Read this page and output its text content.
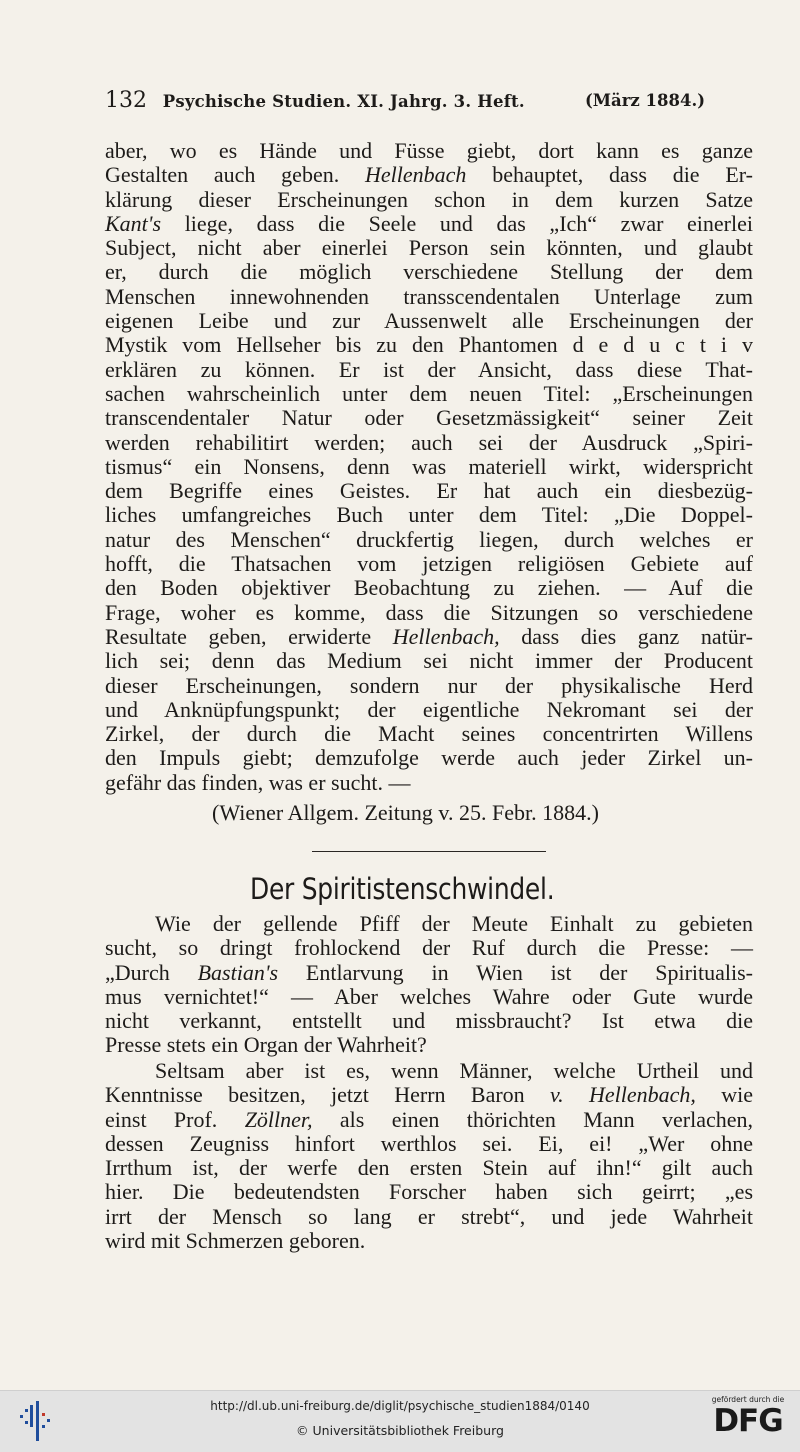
132 Psychische Studien. XI. Jahrg. 3. Heft.	(März 1884.)
aber, wo es Hände und Füsse giebt, dort kann es ganze
Gestalten auch geben. Hellenbach behauptet, dass die Er-
klärung dieser Erscheinungen schon in dem kurzen Satze
Kant's liege, dass die Seele und das „Ich“ zwar einerlei
Subject, nicht aber einerlei Person sein könnten, und glaubt
er, durch die möglich verschiedene Stellung der dem
Menschen innewohnenden transscendentalen Unterlage zum
eigenen Leibe und zur Aussenwelt alle Erscheinungen der
Mystik vom Hellseher bis zu den Phantomen d e d u c t i v
erklären zu können. Er ist der Ansicht, dass diese That-
sachen wahrscheinlich unter dem neuen Titel: „Erscheinungen
transcendentaler Natur oder Gesetzmässigkeit“ seiner Zeit
werden rehabilitirt werden; auch sei der Ausdruck „Spiri-
tismus“ ein Nonsens, denn was materiell wirkt, widerspricht
dem Begriffe eines Geistes. Er hat auch ein diesbezüg-
liches umfangreiches Buch unter dem Titel: „Die Doppel-
natur des Menschen“ druckfertig liegen, durch welches er
hofft, die Thatsachen vom jetzigen religiösen Gebiete auf
den Boden objektiver Beobachtung zu ziehen. — Auf die
Frage, woher es komme, dass die Sitzungen so verschiedene
Resultate geben, erwiderte Hellenbach, dass dies ganz natür-
lich sei; denn das Medium sei nicht immer der Producent
dieser Erscheinungen, sondern nur der physikalische Herd
und Anknüpfungspunkt; der eigentliche Nekromant sei der
Zirkel, der durch die Macht seines concentrirten Willens
den Impuls giebt; demzufolge werde auch jeder Zirkel un-
gefähr das finden, was er sucht. —
(Wiener Allgem. Zeitung v. 25. Febr. 1884.)
Der Spiritistenschwindel.
Wie der gellende Pfiff der Meute Einhalt zu gebieten
sucht, so dringt frohlockend der Ruf durch die Presse: —
„Durch Bastian's Entlarvung in Wien ist der Spiritualis-
mus vernichtet!“ — Aber welches Wahre oder Gute wurde
nicht verkannt, entstellt und missbraucht? Ist etwa die
Presse stets ein Organ der Wahrheit?
Seltsam aber ist es, wenn Männer, welche Urtheil und
Kenntnisse besitzen, jetzt Herrn Baron v. Hellenbach, wie
einst Prof. Zöllner, als einen thörichten Mann verlachen,
dessen Zeugniss hinfort werthlos sei. Ei, ei! „Wer ohne
Irrthum ist, der werfe den ersten Stein auf ihn!“ gilt auch
hier. Die bedeutendsten Forscher haben sich geirrt; „es
irrt der Mensch so lang er strebt“, und jede Wahrheit
wird mit Schmerzen geboren.
http://dl.ub.uni-freiburg.de/diglit/psychische_studien1884/0140
© Universitätsbibliothek Freiburg
gefördert durch die
DFG
